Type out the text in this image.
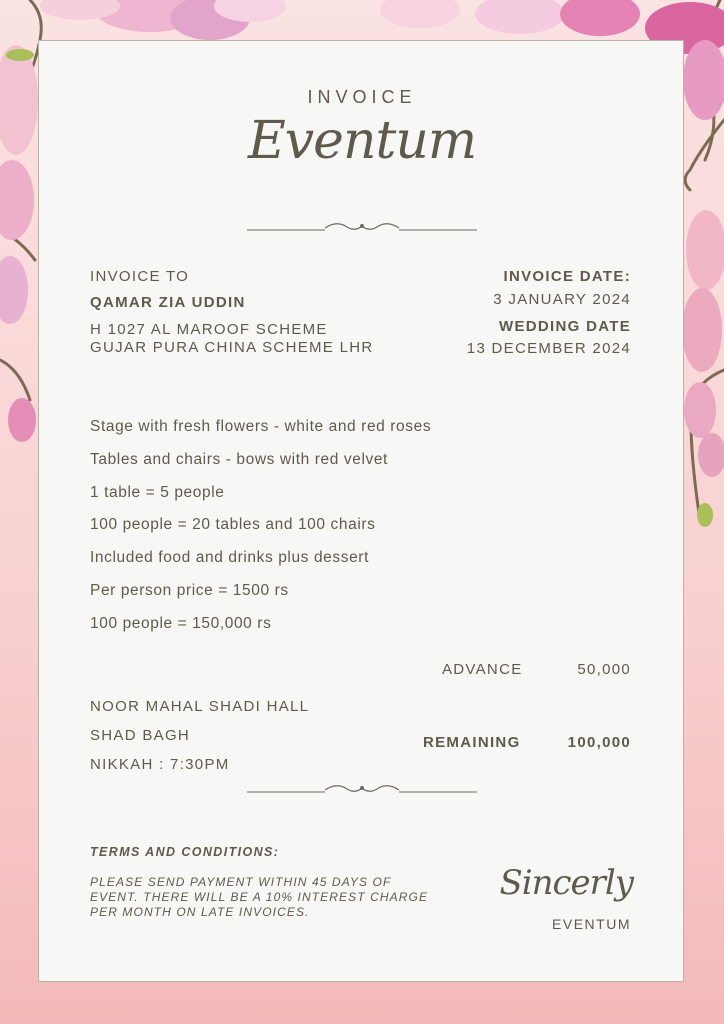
INVOICE
Eventum
INVOICE TO
QAMAR ZIA UDDIN
H 1027 AL MAROOF SCHEME
GUJAR PURA CHINA SCHEME LHR
INVOICE DATE:
3 JANUARY 2024
WEDDING DATE
13 DECEMBER 2024
Stage with fresh flowers - white and red roses
Tables and chairs - bows with red velvet
1 table = 5 people
100 people = 20 tables and 100 chairs
Included food and drinks plus dessert
Per person price = 1500 rs
100 people = 150,000 rs
ADVANCE	50,000
REMAINING	100,000
NOOR MAHAL SHADI HALL
SHAD BAGH
NIKKAH : 7:30PM
TERMS AND CONDITIONS:
PLEASE SEND PAYMENT WITHIN 45 DAYS OF EVENT. THERE WILL BE A 10% INTEREST CHARGE PER MONTH ON LATE INVOICES.
Sincerly
EVENTUM
